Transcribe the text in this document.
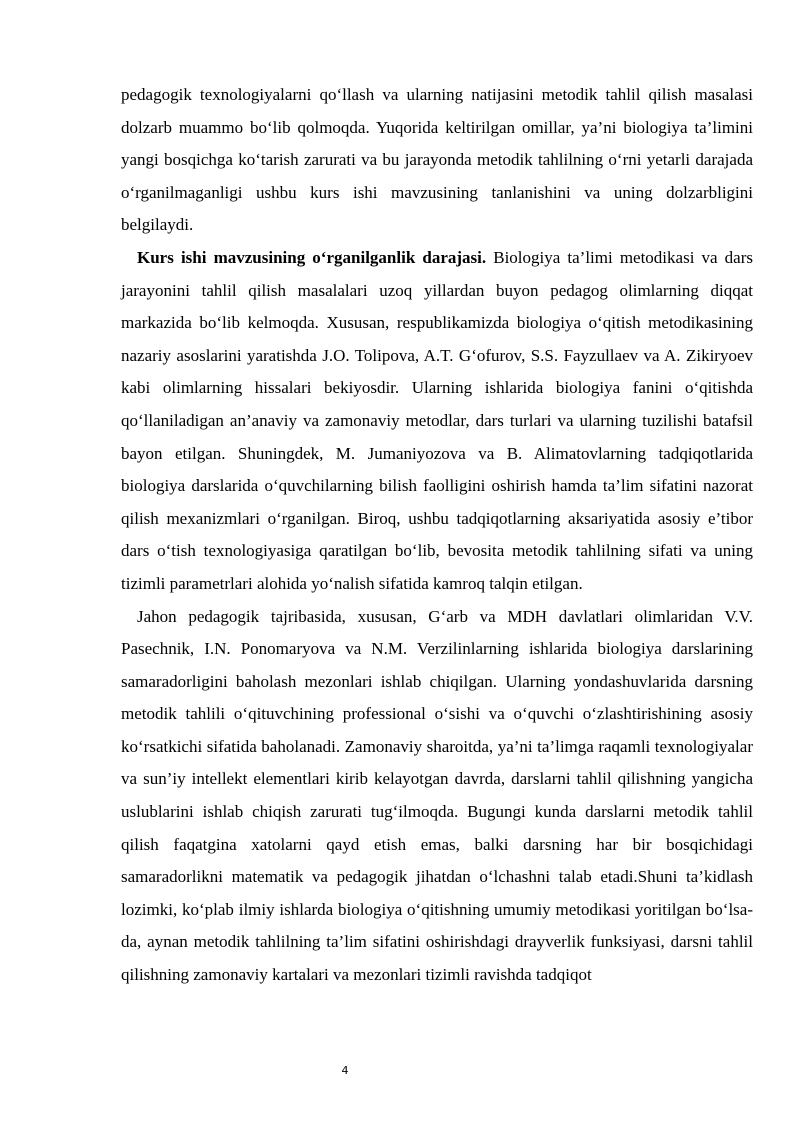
pedagogik texnologiyalarni qo‘llash va ularning natijasini metodik tahlil qilish masalasi dolzarb muammo bo‘lib qolmoqda. Yuqorida keltirilgan omillar, ya’ni biologiya ta’limini yangi bosqichga ko‘tarish zarurati va bu jarayonda metodik tahlilning o‘rni yetarli darajada o‘rganilmaganligi ushbu kurs ishi mavzusining tanlanishini va uning dolzarbligini belgilaydi.

Kurs ishi mavzusining o‘rganilganlik darajasi. Biologiya ta’limi metodikasi va dars jarayonini tahlil qilish masalalari uzoq yillardan buyon pedagog olimlarning diqqat markazida bo‘lib kelmoqda. Xususan, respublikamizda biologiya o‘qitish metodikasining nazariy asoslarini yaratishda J.O. Tolipova, A.T. G‘ofurov, S.S. Fayzullaev va A. Zikiryoev kabi olimlarning hissalari bekiyosdir. Ularning ishlarida biologiya fanini o‘qitishda qo‘llaniladigan an’anaviy va zamonaviy metodlar, dars turlari va ularning tuzilishi batafsil bayon etilgan. Shuningdek, M. Jumaniyozova va B. Alimatovlarning tadqiqotlarida biologiya darslarida o‘quvchilarning bilish faolligini oshirish hamda ta’lim sifatini nazorat qilish mexanizmlari o‘rganilgan. Biroq, ushbu tadqiqotlarning aksariyatida asosiy e’tibor dars o‘tish texnologiyasiga qaratilgan bo‘lib, bevosita metodik tahlilning sifati va uning tizimli parametrlari alohida yo‘nalish sifatida kamroq talqin etilgan.

Jahon pedagogik tajribasida, xususan, G‘arb va MDH davlatlari olimlaridan V.V. Pasechnik, I.N. Ponomaryova va N.M. Verzilinlarning ishlarida biologiya darslarining samaradorligini baholash mezonlari ishlab chiqilgan. Ularning yondashuvlarida darsning metodik tahlili o‘qituvchining professional o‘sishi va o‘quvchi o‘zlashtirishining asosiy ko‘rsatkichi sifatida baholanadi. Zamonaviy sharoitda, ya’ni ta’limga raqamli texnologiyalar va sun’iy intellekt elementlari kirib kelayotgan davrda, darslarni tahlil qilishning yangicha uslublarini ishlab chiqish zarurati tug‘ilmoqda. Bugungi kunda darslarni metodik tahlil qilish faqatgina xatolarni qayd etish emas, balki darsning har bir bosqichidagi samaradorlikni matematik va pedagogik jihatdan o‘lchashni talab etadi.Shuni ta’kidlash lozimki, ko‘plab ilmiy ishlarda biologiya o‘qitishning umumiy metodikasi yoritilgan bo‘lsa-da, aynan metodik tahlilning ta’lim sifatini oshirishdagi drayverlik funksiyasi, darsni tahlil qilishning zamonaviy kartalari va mezonlari tizimli ravishda tadqiqot

4
